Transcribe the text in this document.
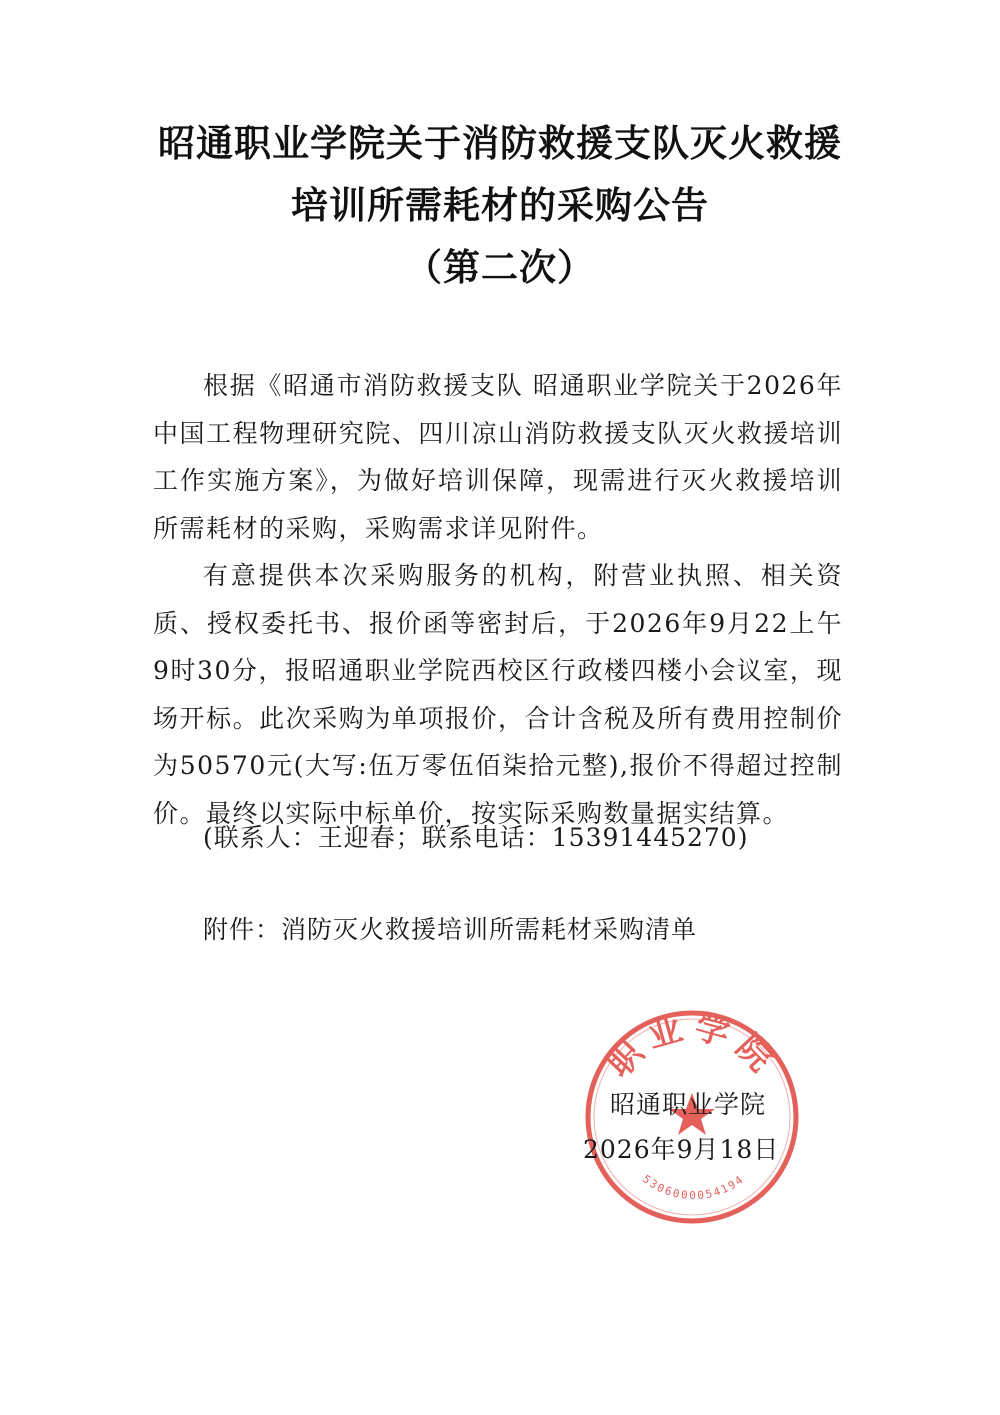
昭通职业学院关于消防救援支队灭火救援
培训所需耗材的采购公告
（第二次）

根据《昭通市消防救援支队 昭通职业学院关于2026年中国工程物理研究院、四川凉山消防救援支队灭火救援培训工作实施方案》，为做好培训保障，现需进行灭火救援培训所需耗材的采购，采购需求详见附件。

有意提供本次采购服务的机构，附营业执照、相关资质、授权委托书、报价函等密封后，于2026年9月22上午9时30分，报昭通职业学院西校区行政楼四楼小会议室，现场开标。此次采购为单项报价，合计含税及所有费用控制价为50570元(大写:伍万零伍佰柒拾元整),报价不得超过控制价。最终以实际中标单价，按实际采购数量据实结算。

(联系人：王迎春；联系电话：15391445270)
附件：消防灭火救援培训所需耗材采购清单
职业学院
5306000054194
昭通职业学院
2026年9月18日
